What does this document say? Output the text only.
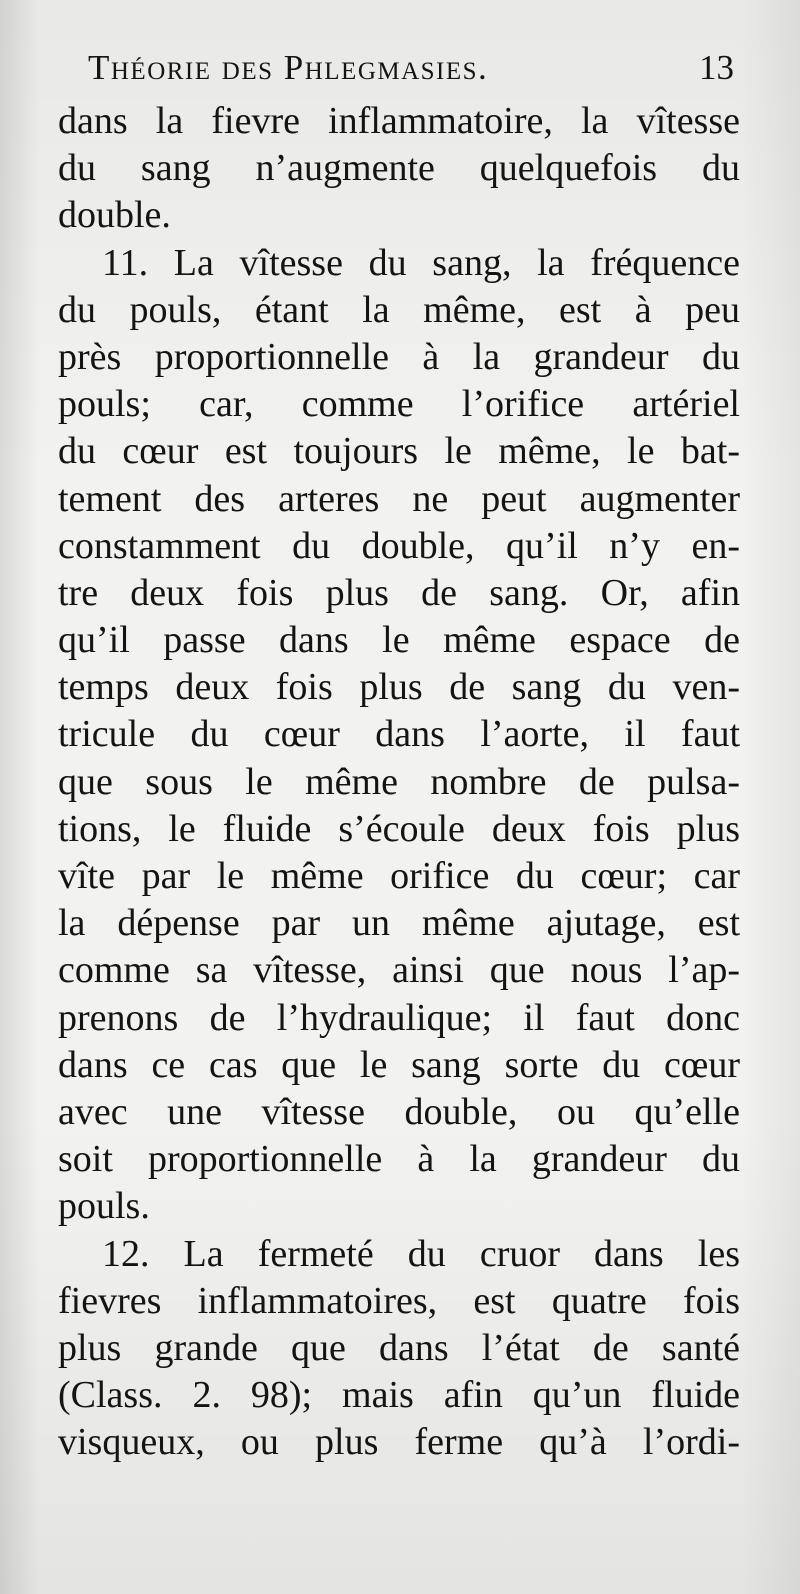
Théorie des Phlegmasies.	13
dans la fievre inflammatoire, la vîtesse
du sang n’augmente quelquefois du
double.
11. La vîtesse du sang, la fréquence
du pouls, étant la même, est à peu
près proportionnelle à la grandeur du
pouls; car, comme l’orifice artériel
du cœur est toujours le même, le bat-
tement des arteres ne peut augmenter
constamment du double, qu’il n’y en-
tre deux fois plus de sang. Or, afin
qu’il passe dans le même espace de
temps deux fois plus de sang du ven-
tricule du cœur dans l’aorte, il faut
que sous le même nombre de pulsa-
tions, le fluide s’écoule deux fois plus
vîte par le même orifice du cœur; car
la dépense par un même ajutage, est
comme sa vîtesse, ainsi que nous l’ap-
prenons de l’hydraulique; il faut donc
dans ce cas que le sang sorte du cœur
avec une vîtesse double, ou qu’elle
soit proportionnelle à la grandeur du
pouls.
12. La fermeté du cruor dans les
fievres inflammatoires, est quatre fois
plus grande que dans l’état de santé
(Class. 2. 98); mais afin qu’un fluide
visqueux, ou plus ferme qu’à l’ordi-
